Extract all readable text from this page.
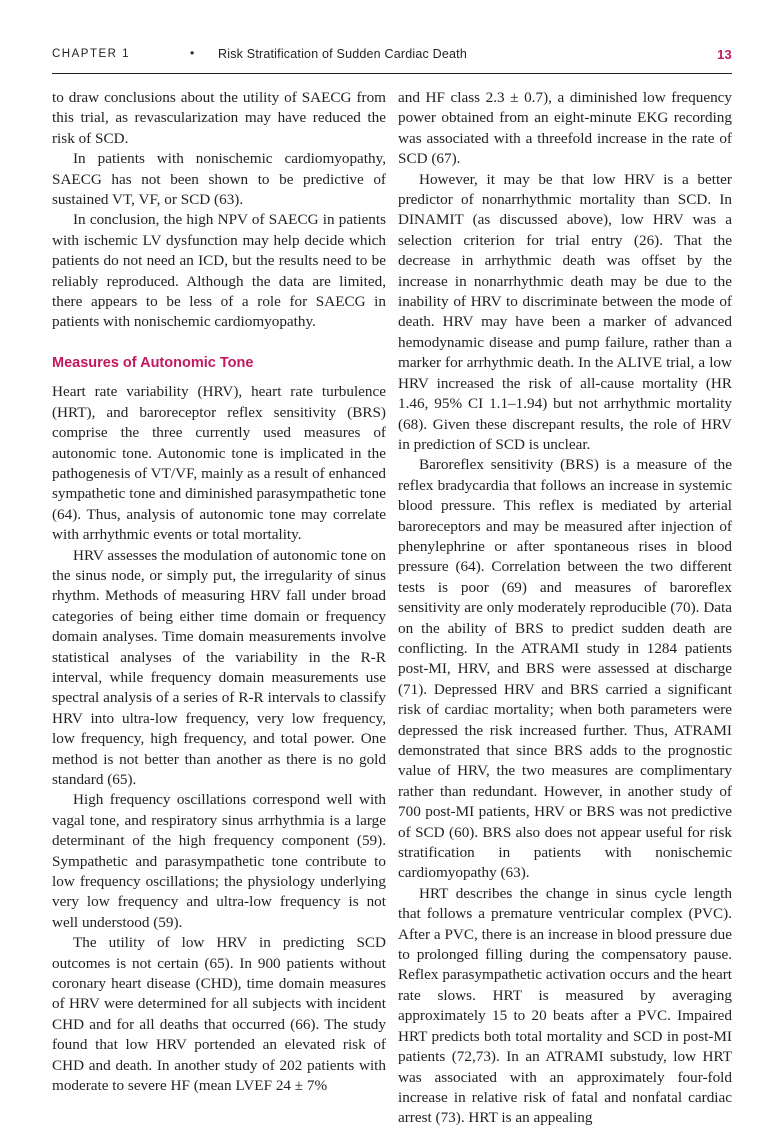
CHAPTER 1	• Risk Stratification of Sudden Cardiac Death	13

to draw conclusions about the utility of SAECG from this trial, as revascularization may have reduced the risk of SCD.

In patients with nonischemic cardiomyopathy, SAECG has not been shown to be predictive of sustained VT, VF, or SCD (63).

In conclusion, the high NPV of SAECG in patients with ischemic LV dysfunction may help decide which patients do not need an ICD, but the results need to be reliably reproduced. Although the data are limited, there appears to be less of a role for SAECG in patients with nonischemic cardiomyopathy.

Measures of Autonomic Tone

Heart rate variability (HRV), heart rate turbulence (HRT), and baroreceptor reflex sensitivity (BRS) comprise the three currently used measures of autonomic tone. Autonomic tone is implicated in the pathogenesis of VT/VF, mainly as a result of enhanced sympathetic tone and diminished parasympathetic tone (64). Thus, analysis of autonomic tone may correlate with arrhythmic events or total mortality.

HRV assesses the modulation of autonomic tone on the sinus node, or simply put, the irregularity of sinus rhythm. Methods of measuring HRV fall under broad categories of being either time domain or frequency domain analyses. Time domain measurements involve statistical analyses of the variability in the R-R interval, while frequency domain measurements use spectral analysis of a series of R-R intervals to classify HRV into ultra-low frequency, very low frequency, low frequency, high frequency, and total power. One method is not better than another as there is no gold standard (65).

High frequency oscillations correspond well with vagal tone, and respiratory sinus arrhythmia is a large determinant of the high frequency component (59). Sympathetic and parasympathetic tone contribute to low frequency oscillations; the physiology underlying very low frequency and ultra-low frequency is not well understood (59).

The utility of low HRV in predicting SCD outcomes is not certain (65). In 900 patients without coronary heart disease (CHD), time domain measures of HRV were determined for all subjects with incident CHD and for all deaths that occurred (66). The study found that low HRV portended an elevated risk of CHD and death. In another study of 202 patients with moderate to severe HF (mean LVEF 24 ± 7%

and HF class 2.3 ± 0.7), a diminished low frequency power obtained from an eight-minute EKG recording was associated with a threefold increase in the rate of SCD (67).

However, it may be that low HRV is a better predictor of nonarrhythmic mortality than SCD. In DINAMIT (as discussed above), low HRV was a selection criterion for trial entry (26). That the decrease in arrhythmic death was offset by the increase in nonarrhythmic death may be due to the inability of HRV to discriminate between the mode of death. HRV may have been a marker of advanced hemodynamic disease and pump failure, rather than a marker for arrhythmic death. In the ALIVE trial, a low HRV increased the risk of all-cause mortality (HR 1.46, 95% CI 1.1–1.94) but not arrhythmic mortality (68). Given these discrepant results, the role of HRV in prediction of SCD is unclear.

Baroreflex sensitivity (BRS) is a measure of the reflex bradycardia that follows an increase in systemic blood pressure. This reflex is mediated by arterial baroreceptors and may be measured after injection of phenylephrine or after spontaneous rises in blood pressure (64). Correlation between the two different tests is poor (69) and measures of baroreflex sensitivity are only moderately reproducible (70). Data on the ability of BRS to predict sudden death are conflicting. In the ATRAMI study in 1284 patients post-MI, HRV, and BRS were assessed at discharge (71). Depressed HRV and BRS carried a significant risk of cardiac mortality; when both parameters were depressed the risk increased further. Thus, ATRAMI demonstrated that since BRS adds to the prognostic value of HRV, the two measures are complimentary rather than redundant. However, in another study of 700 post-MI patients, HRV or BRS was not predictive of SCD (60). BRS also does not appear useful for risk stratification in patients with nonischemic cardiomyopathy (63).

HRT describes the change in sinus cycle length that follows a premature ventricular complex (PVC). After a PVC, there is an increase in blood pressure due to prolonged filling during the compensatory pause. Reflex parasympathetic activation occurs and the heart rate slows. HRT is measured by averaging approximately 15 to 20 beats after a PVC. Impaired HRT predicts both total mortality and SCD in post-MI patients (72,73). In an ATRAMI substudy, low HRT was associated with an approximately four-fold increase in relative risk of fatal and nonfatal cardiac arrest (73). HRT is an appealing
